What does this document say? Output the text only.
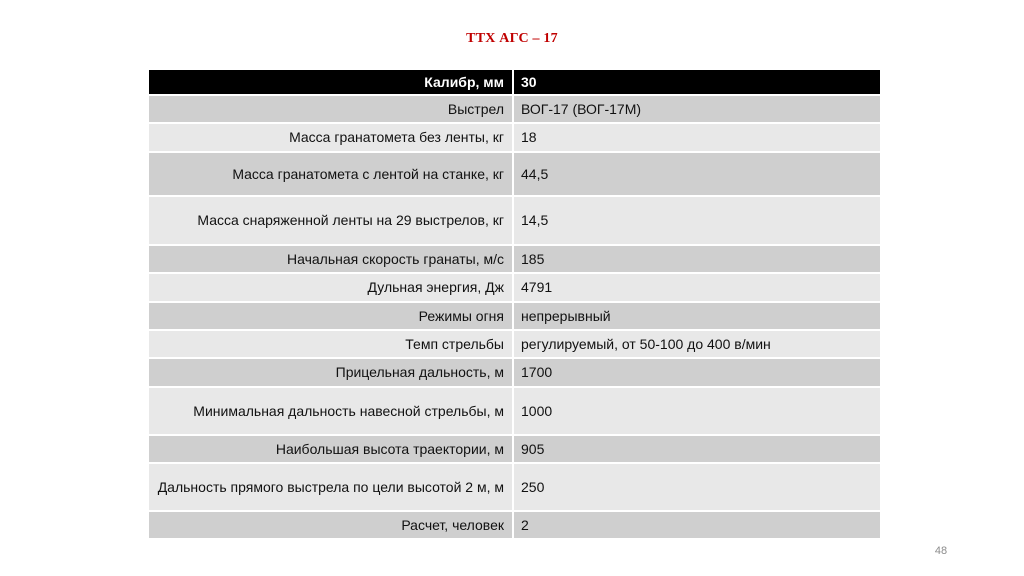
ТТХ АГС – 17
Калибр, мм	30
Выстрел	ВОГ-17 (ВОГ-17М)
Масса гранатомета без ленты, кг	18
Масса гранатомета с лентой на станке, кг	44,5
Масса снаряженной ленты на 29 выстрелов, кг	14,5
Начальная скорость гранаты, м/с	185
Дульная энергия, Дж	4791
Режимы огня	непрерывный
Темп стрельбы	регулируемый, от 50-100 до 400 в/мин
Прицельная дальность, м	1700
Минимальная дальность навесной стрельбы, м	1000
Наибольшая высота траектории, м	905
Дальность прямого выстрела по цели высотой 2 м, м	250
Расчет, человек	2
48
